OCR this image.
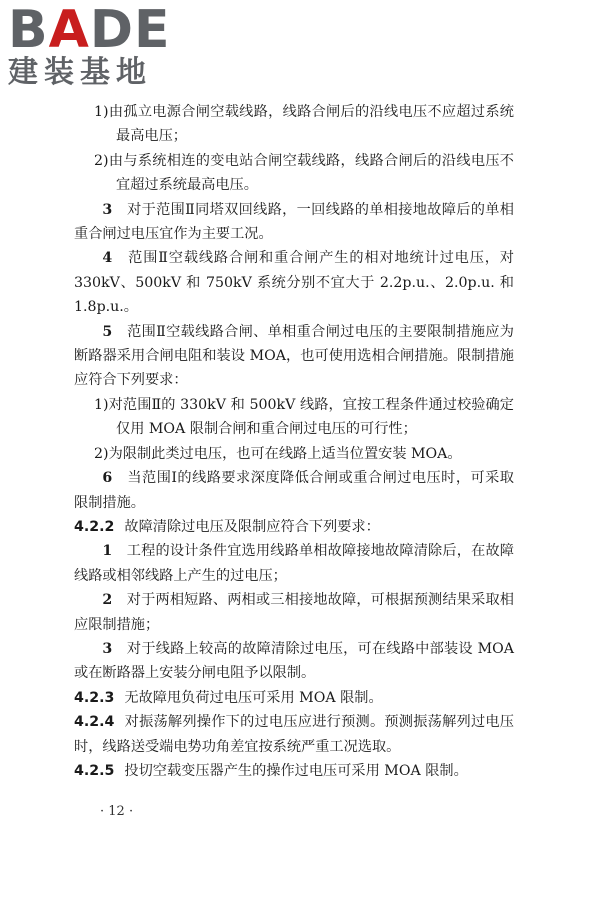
BADE
建装基地

1)由孤立电源合闸空载线路，线路合闸后的沿线电压不应超过系统最高电压；

2)由与系统相连的变电站合闸空载线路，线路合闸后的沿线电压不宜超过系统最高电压。

3　 对于范围Ⅱ同塔双回线路，一回线路的单相接地故障后的单相重合闸过电压宜作为主要工况。

4　 范围Ⅱ空载线路合闸和重合闸产生的相对地统计过电压，对 330kV、500kV 和 750kV 系统分别不宜大于 2.2p.u.、2.0p.u. 和 1.8p.u.。

5　 范围Ⅱ空载线路合闸、单相重合闸过电压的主要限制措施应为断路器采用合闸电阻和装设 MOA，也可使用选相合闸措施。限制措施应符合下列要求：

1)对范围Ⅱ的 330kV 和 500kV 线路，宜按工程条件通过校验确定仅用 MOA 限制合闸和重合闸过电压的可行性；

2)为限制此类过电压，也可在线路上适当位置安装 MOA。

6　 当范围Ⅰ的线路要求深度降低合闸或重合闸过电压时，可采取限制措施。

4.2.2 故障清除过电压及限制应符合下列要求：

1　 工程的设计条件宜选用线路单相故障接地故障清除后，在故障线路或相邻线路上产生的过电压；

2　 对于两相短路、两相或三相接地故障，可根据预测结果采取相应限制措施；

3　 对于线路上较高的故障清除过电压，可在线路中部装设 MOA 或在断路器上安装分闸电阻予以限制。

4.2.3 无故障甩负荷过电压可采用 MOA 限制。

4.2.4 对振荡解列操作下的过电压应进行预测。预测振荡解列过电压时，线路送受端电势功角差宜按系统严重工况选取。

4.2.5 投切空载变压器产生的操作过电压可采用 MOA 限制。

· 12 ·
